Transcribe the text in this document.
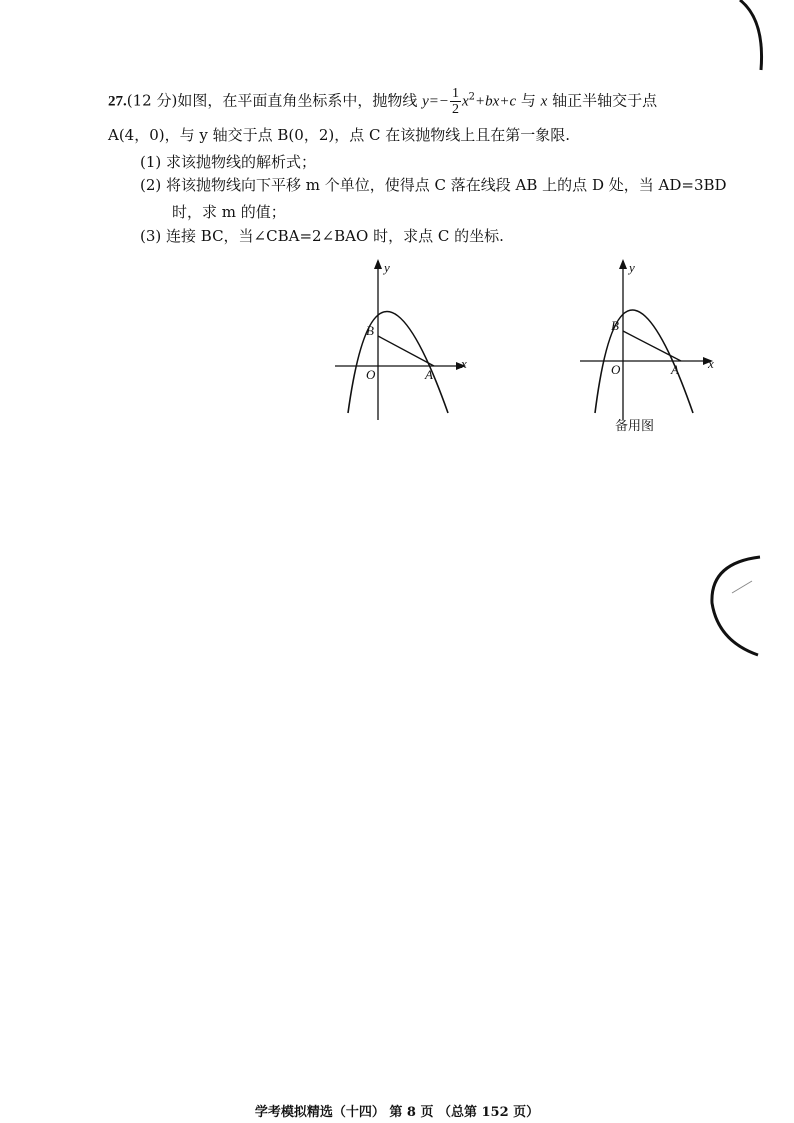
27.(12 分)如图，在平面直角坐标系中，抛物线 $y=- \frac{1}{2} x^2+bx+c$ 与 x 轴正半轴交于点
A(4，0)，与 y 轴交于点 B(0，2)，点 C 在该抛物线上且在第一象限.
(1) 求该抛物线的解析式；
(2) 将该抛物线向下平移 m 个单位，使得点 C 落在线段 AB 上的点 D 处，当 AD=3BD
时，求 m 的值；
(3) 连接 BC，当∠CBA=2∠BAO 时，求点 C 的坐标.
y
x
O	A
B
y
x
O	A
B
备用图
学考模拟精选（十四） 第 8 页 （总第 152 页）
